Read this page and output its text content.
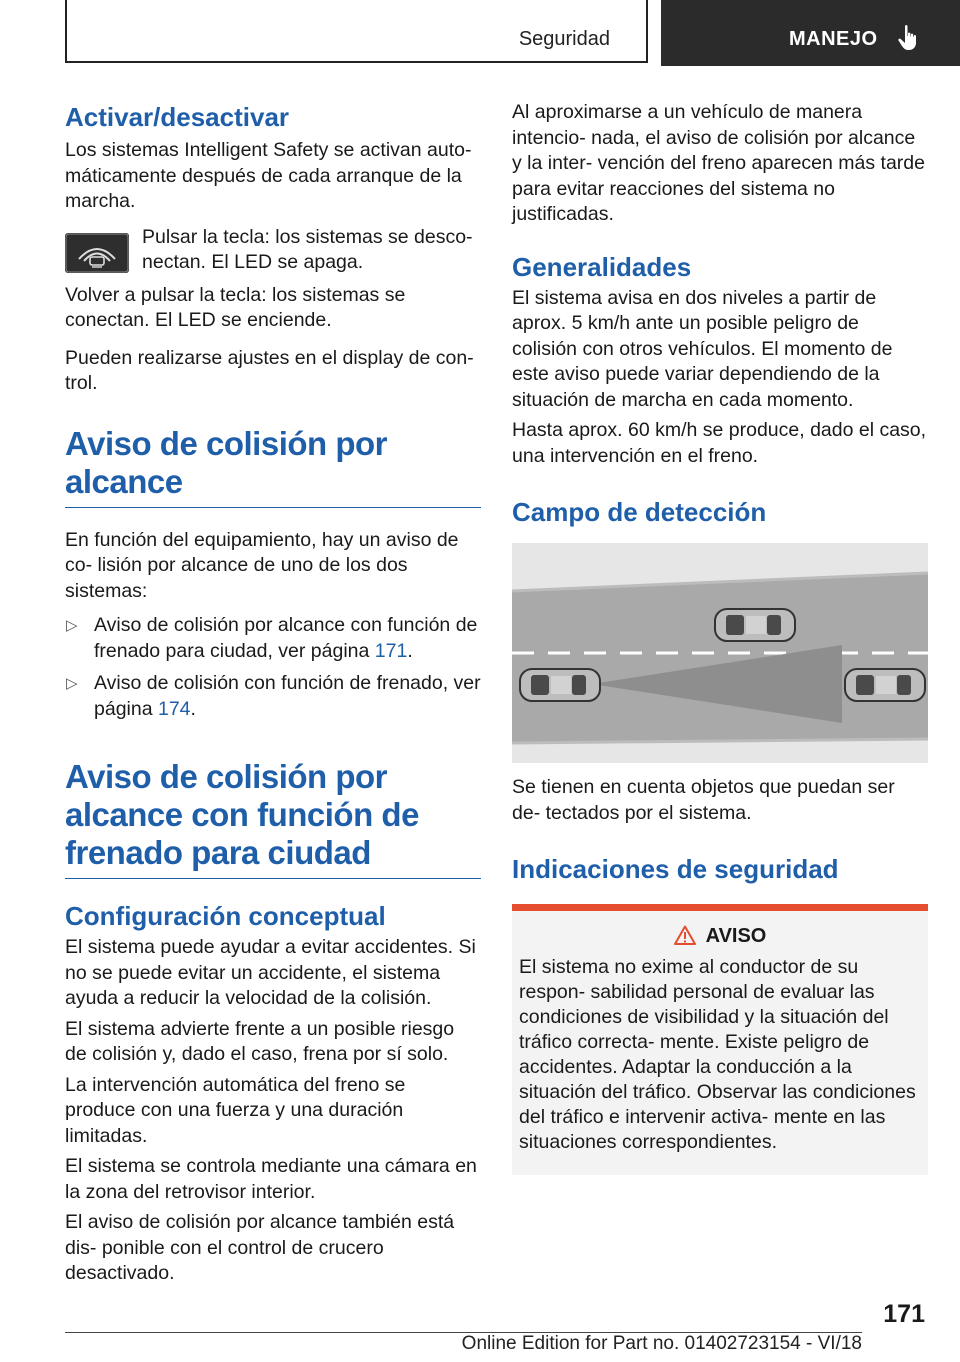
Seguridad	MANEJO
Activar/desactivar

Los sistemas Intelligent Safety se activan auto- máticamente después de cada arranque de la marcha.

Pulsar la tecla: los sistemas se desco- nectan. El LED se apaga.

Volver a pulsar la tecla: los sistemas se conectan. El LED se enciende.

Pueden realizarse ajustes en el display de con- trol.

Aviso de colisión por alcance

En función del equipamiento, hay un aviso de co- lisión por alcance de uno de los dos sistemas:

▷ Aviso de colisión por alcance con función de frenado para ciudad, ver página 171.

▷ Aviso de colisión con función de frenado, ver página 174.

Aviso de colisión por alcance con función de frenado para ciudad
Configuración conceptual

El sistema puede ayudar a evitar accidentes. Si no se puede evitar un accidente, el sistema ayuda a reducir la velocidad de la colisión.

El sistema advierte frente a un posible riesgo de colisión y, dado el caso, frena por sí solo.

La intervención automática del freno se produce con una fuerza y una duración limitadas.

El sistema se controla mediante una cámara en la zona del retrovisor interior.

El aviso de colisión por alcance también está dis- ponible con el control de crucero desactivado.

Al aproximarse a un vehículo de manera intencio- nada, el aviso de colisión por alcance y la inter- vención del freno aparecen más tarde para evitar reacciones del sistema no justificadas.

Generalidades

El sistema avisa en dos niveles a partir de aprox. 5 km/h ante un posible peligro de colisión con otros vehículos. El momento de este aviso puede variar dependiendo de la situación de marcha en cada momento.

Hasta aprox. 60 km/h se produce, dado el caso, una intervención en el freno.

Campo de detección

Se tienen en cuenta objetos que puedan ser de- tectados por el sistema.

Indicaciones de seguridad
AVISO

El sistema no exime al conductor de su respon- sabilidad personal de evaluar las condiciones de visibilidad y la situación del tráfico correcta- mente. Existe peligro de accidentes. Adaptar la conducción a la situación del tráfico. Observar las condiciones del tráfico e intervenir activa- mente en las situaciones correspondientes.

171
Online Edition for Part no. 01402723154 - VI/18
